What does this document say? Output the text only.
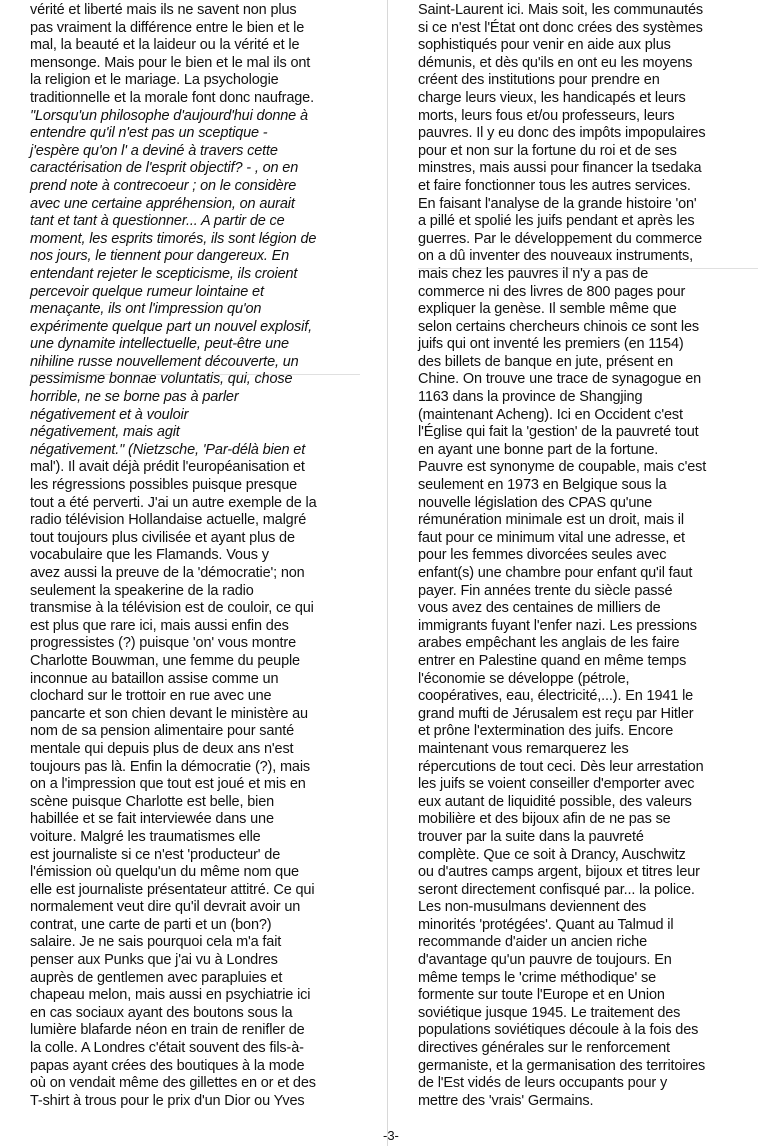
vérité et liberté mais ils ne savent non plus
pas vraiment la différence entre le bien et le
mal, la beauté et la laideur ou la vérité et le
mensonge. Mais pour le bien et le mal ils ont
la religion et le mariage. La psychologie
traditionnelle et la morale font donc naufrage.
"Lorsqu'un philosophe d'aujourd'hui donne à
entendre qu'il n'est pas un sceptique -
j'espère qu'on l' a deviné à travers cette
caractérisation de l'esprit objectif? - , on en
prend note à contrecoeur ; on le considère
avec une certaine appréhension, on aurait
tant et tant à questionner... A partir de ce
moment, les esprits timorés, ils sont légion de
nos jours, le tiennent pour dangereux. En
entendant rejeter le scepticisme, ils croient
percevoir quelque rumeur lointaine et
menaçante, ils ont l'impression qu'on
expérimente quelque part un nouvel explosif,
une dynamite intellectuelle, peut-être une
nihiline russe nouvellement découverte, un
pessimisme bonnae voluntatis, qui, chose
horrible, ne se borne pas à parler
négativement et à vouloir
négativement, mais agit
négativement." (Nietzsche, 'Par-délà bien et
mal'). Il avait déjà prédit l'européanisation et
les régressions possibles puisque presque
tout a été perverti. J'ai un autre exemple de la
radio télévision Hollandaise actuelle, malgré
tout toujours plus civilisée et ayant plus de
vocabulaire que les Flamands. Vous y
avez aussi la preuve de la 'démocratie'; non
seulement la speakerine de la radio
transmise à la télévision est de couloir, ce qui
est plus que rare ici, mais aussi enfin des
progressistes (?) puisque 'on' vous montre
Charlotte Bouwman, une femme du peuple
inconnue au bataillon assise comme un
clochard sur le trottoir en rue avec une
pancarte et son chien devant le ministère au
nom de sa pension alimentaire pour santé
mentale qui depuis plus de deux ans n'est
toujours pas là. Enfin la démocratie (?), mais
on a l'impression que tout est joué et mis en
scène puisque Charlotte est belle, bien
habillée et se fait interviewée dans une
voiture. Malgré les traumatismes elle
est journaliste si ce n'est 'producteur' de
l'émission où quelqu'un du même nom que
elle est journaliste présentateur attitré. Ce qui
normalement veut dire qu'il devrait avoir un
contrat, une carte de parti et un (bon?)
salaire. Je ne sais pourquoi cela m'a fait
penser aux Punks que j'ai vu à Londres
auprès de gentlemen avec parapluies et
chapeau melon, mais aussi en psychiatrie ici
en cas sociaux ayant des boutons sous la
lumière blafarde néon en train de renifler de
la colle. A Londres c'était souvent des fils-à-
papas ayant crées des boutiques à la mode
où on vendait même des gillettes en or et des
T-shirt à trous pour le prix d'un Dior ou Yves
Saint-Laurent ici. Mais soit, les communautés
si ce n'est l'État ont donc crées des systèmes
sophistiqués pour venir en aide aux plus
démunis, et dès qu'ils en ont eu les moyens
créent des institutions pour prendre en
charge leurs vieux, les handicapés et leurs
morts, leurs fous et/ou professeurs, leurs
pauvres. Il y eu donc des impôts impopulaires
pour et non sur la fortune du roi et de ses
minstres, mais aussi pour financer la tsedaka
et faire fonctionner tous les autres services.
En faisant l'analyse de la grande histoire 'on'
a pillé et spolié les juifs pendant et après les
guerres. Par le développement du commerce
on a dû inventer des nouveaux instruments,
mais chez les pauvres il n'y a pas de
commerce ni des livres de 800 pages pour
expliquer la genèse. Il semble même que
selon certains chercheurs chinois ce sont les
juifs qui ont inventé les premiers (en 1154)
des billets de banque en jute, présent en
Chine. On trouve une trace de synagogue en
1163 dans la province de Shangjing
(maintenant Acheng). Ici en Occident c'est
l'Église qui fait la 'gestion' de la pauvreté tout
en ayant une bonne part de la fortune.
Pauvre est synonyme de coupable, mais c'est
seulement en 1973 en Belgique sous la
nouvelle législation des CPAS qu'une
rémunération minimale est un droit, mais il
faut pour ce minimum vital une adresse, et
pour les femmes divorcées seules avec
enfant(s) une chambre pour enfant qu'il faut
payer. Fin années trente du siècle passé
vous avez des centaines de milliers de
immigrants fuyant l'enfer nazi. Les pressions
arabes empêchant les anglais de les faire
entrer en Palestine quand en même temps
l'économie se développe (pétrole,
coopératives, eau, électricité,...). En 1941 le
grand mufti de Jérusalem est reçu par Hitler
et prône l'extermination des juifs. Encore
maintenant vous remarquerez les
répercutions de tout ceci. Dès leur arrestation
les juifs se voient conseiller d'emporter avec
eux autant de liquidité possible, des valeurs
mobilière et des bijoux afin de ne pas se
trouver par la suite dans la pauvreté
complète. Que ce soit à Drancy, Auschwitz
ou d'autres camps argent, bijoux et titres leur
seront directement confisqué par... la police.
Les non-musulmans deviennent des
minorités 'protégées'. Quant au Talmud il
recommande d'aider un ancien riche
d'avantage qu'un pauvre de toujours. En
même temps le 'crime méthodique' se
formente sur toute l'Europe et en Union
soviétique jusque 1945. Le traitement des
populations soviétiques découle à la fois des
directives générales sur le renforcement
germaniste, et la germanisation des territoires
de l'Est vidés de leurs occupants pour y
mettre des 'vrais' Germains.
-3-
